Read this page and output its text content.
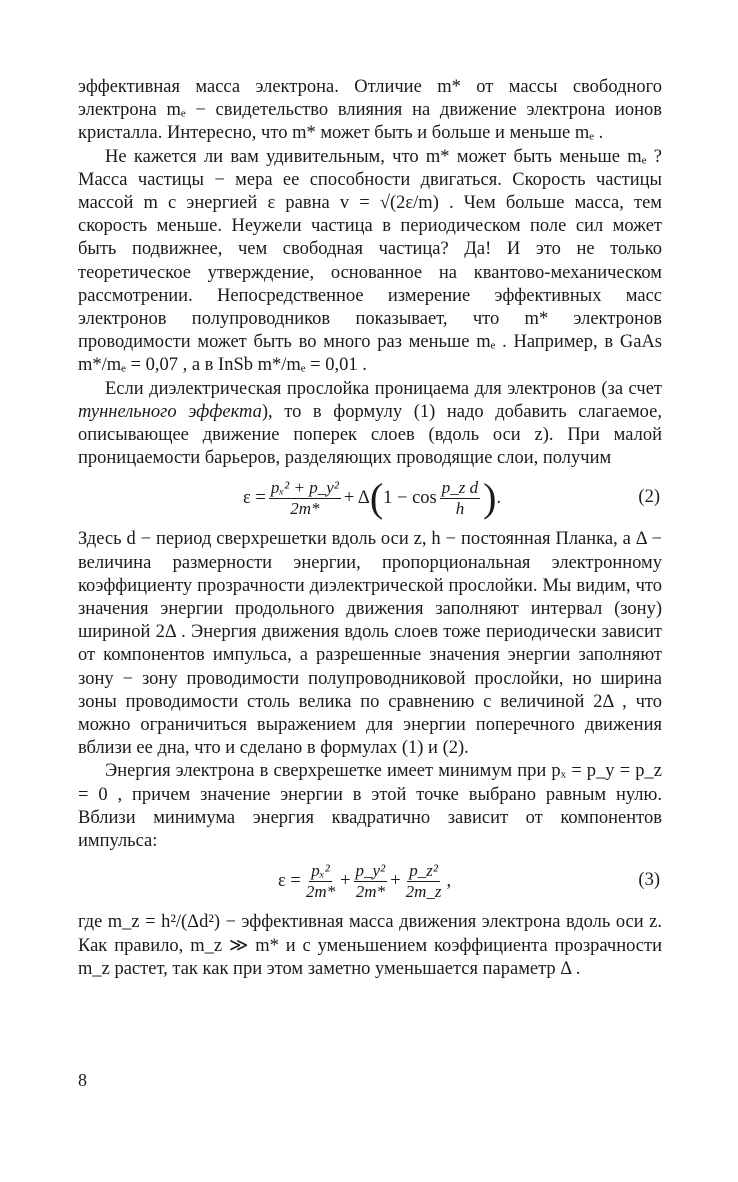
эффективная масса электрона. Отличие m* от массы свободного электрона mₑ − свидетельство влияния на движение электрона ионов кристалла. Интересно, что m* может быть и больше и меньше mₑ .

Не кажется ли вам удивительным, что m* может быть меньше mₑ ? Масса частицы − мера ее способности двигаться. Скорость частицы массой m с энергией ε равна v = √(2ε/m) . Чем больше масса, тем скорость меньше. Неужели частица в периодическом поле сил может быть подвижнее, чем свободная частица? Да! И это не только теоретическое утверждение, основанное на квантово-механическом рассмотрении. Непосредственное измерение эффективных масс электронов полупроводников показывает, что m* электронов проводимости может быть во много раз меньше mₑ . Например, в GaAs m*/mₑ = 0,07 , а в InSb m*/mₑ = 0,01 .

Если диэлектрическая прослойка проницаема для электронов (за счет туннельного эффекта), то в формулу (1) надо добавить слагаемое, описывающее движение поперек слоев (вдоль оси z). При малой проницаемости барьеров, разделяющих проводящие слои, получим

$\varepsilon = \frac{\text{pₓ² + p\_y²}}{2m*} + \Delta$ ( $1 - \cos \frac{\text{p\_z d}}{h}$ ) .	(2)

Здесь d − период сверхрешетки вдоль оси z, h − постоянная Планка, а Δ − величина размерности энергии, пропорциональная электронному коэффициенту прозрачности диэлектрической прослойки. Мы видим, что значения энергии продольного движения заполняют интервал (зону) шириной 2Δ . Энергия движения вдоль слоев тоже периодически зависит от компонентов импульса, а разрешенные значения энергии заполняют зону − зону проводимости полупроводниковой прослойки, но ширина зоны проводимости столь велика по сравнению с величиной 2Δ , что можно ограничиться выражением для энергии поперечного движения вблизи ее дна, что и сделано в формулах (1) и (2).

Энергия электрона в сверхрешетке имеет минимум при pₓ = p_y = p_z = 0 , причем значение энергии в этой точке выбрано равным нулю. Вблизи минимума энергия квадратично зависит от компонентов импульса:

$\varepsilon = \frac{\text{pₓ²}}{2m*} + \frac{\text{p\_y²}}{2m*} + \frac{\text{p\_z²}}{2m\_z}$ ,	(3)

где m_z = h²/(Δd²) − эффективная масса движения электрона вдоль оси z. Как правило, m_z ≫ m* и с уменьшением коэффициента прозрачности m_z растет, так как при этом заметно уменьшается параметр Δ .

8
